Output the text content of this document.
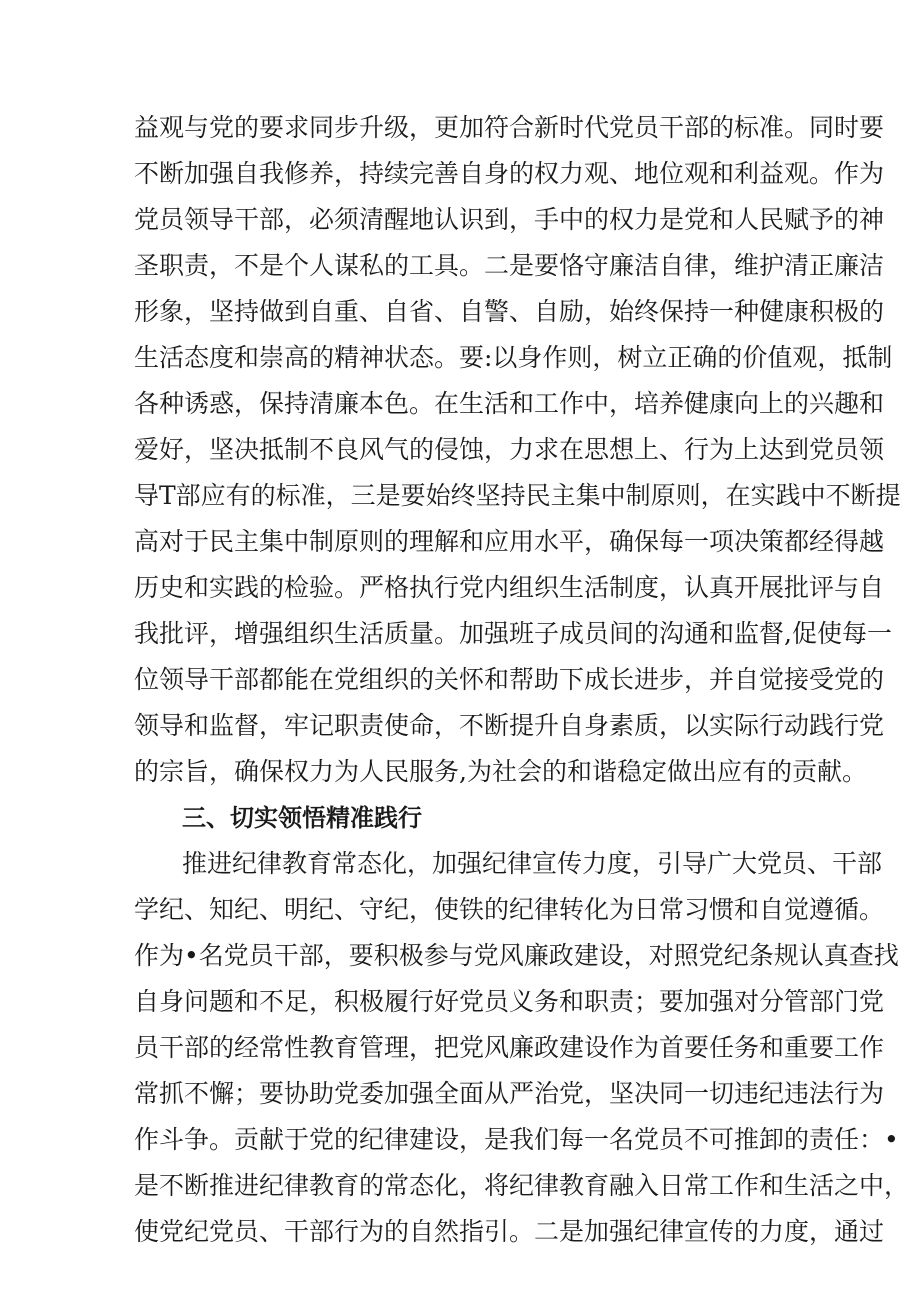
益观与党的要求同步升级，更加符合新时代党员干部的标准。同时要
不断加强自我修养，持续完善自身的权力观、地位观和利益观。作为
党员领导干部，必须清醒地认识到，手中的权力是党和人民赋予的神
圣职责，不是个人谋私的工具。二是要恪守廉洁自律，维护清正廉洁
形象，坚持做到自重、自省、自警、自励，始终保持一种健康积极的
生活态度和崇高的精神状态。要:以身作则，树立正确的价值观，抵制
各种诱惑，保持清廉本色。在生活和工作中，培养健康向上的兴趣和
爱好，坚决抵制不良风气的侵蚀，力求在思想上、行为上达到党员领
导T部应有的标准，三是要始终坚持民主集中制原则，在实践中不断提
高对于民主集中制原则的理解和应用水平，确保每一项决策都经得越
历史和实践的检验。严格执行党内组织生活制度，认真开展批评与自
我批评，增强组织生活质量。加强班子成员间的沟通和监督,促使每一
位领导干部都能在党组织的关怀和帮助下成长进步，并自觉接受党的
领导和监督，牢记职责使命，不断提升自身素质，以实际行动践行党
的宗旨，确保权力为人民服务,为社会的和谐稳定做出应有的贡献。
三、切实领悟精准践行
推进纪律教育常态化，加强纪律宣传力度，引导广大党员、干部
学纪、知纪、明纪、守纪，使铁的纪律转化为日常习惯和自觉遵循。
作为•名党员干部，要积极参与党风廉政建设，对照党纪条规认真查找
自身问题和不足，积极履行好党员义务和职责；要加强对分管部门党
员干部的经常性教育管理，把党风廉政建设作为首要任务和重要工作
常抓不懈；要协助党委加强全面从严治党，坚决同一切违纪违法行为
作斗争。贡献于党的纪律建设，是我们每一名党员不可推卸的责任：•
是不断推进纪律教育的常态化，将纪律教育融入日常工作和生活之中，
使党纪党员、干部行为的自然指引。二是加强纪律宣传的力度，通过
